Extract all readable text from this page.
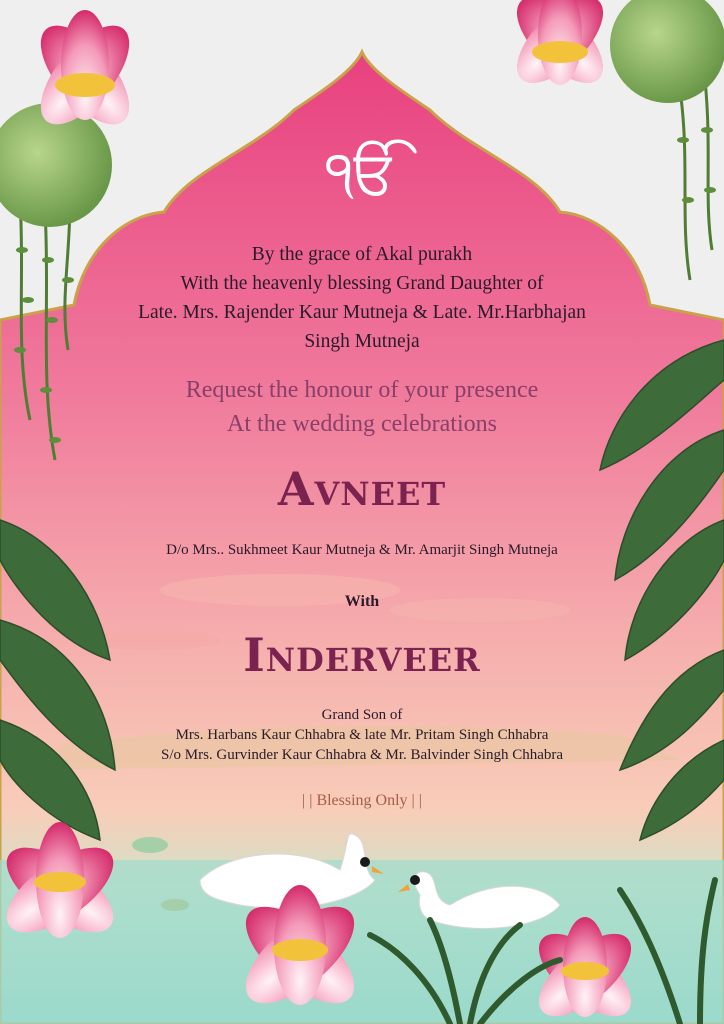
ੴ
By the grace of Akal purakh
With the heavenly blessing Grand Daughter of
Late. Mrs. Rajender Kaur Mutneja & Late. Mr.Harbhajan
Singh Mutneja
Request the honour of your presence
At the wedding celebrations
Avneet
D/o Mrs.. Sukhmeet Kaur Mutneja & Mr. Amarjit Singh Mutneja
With
Inderveer
Grand Son of
Mrs. Harbans Kaur Chhabra & late Mr. Pritam Singh Chhabra
S/o Mrs. Gurvinder Kaur Chhabra & Mr. Balvinder Singh Chhabra
| | Blessing Only | |
